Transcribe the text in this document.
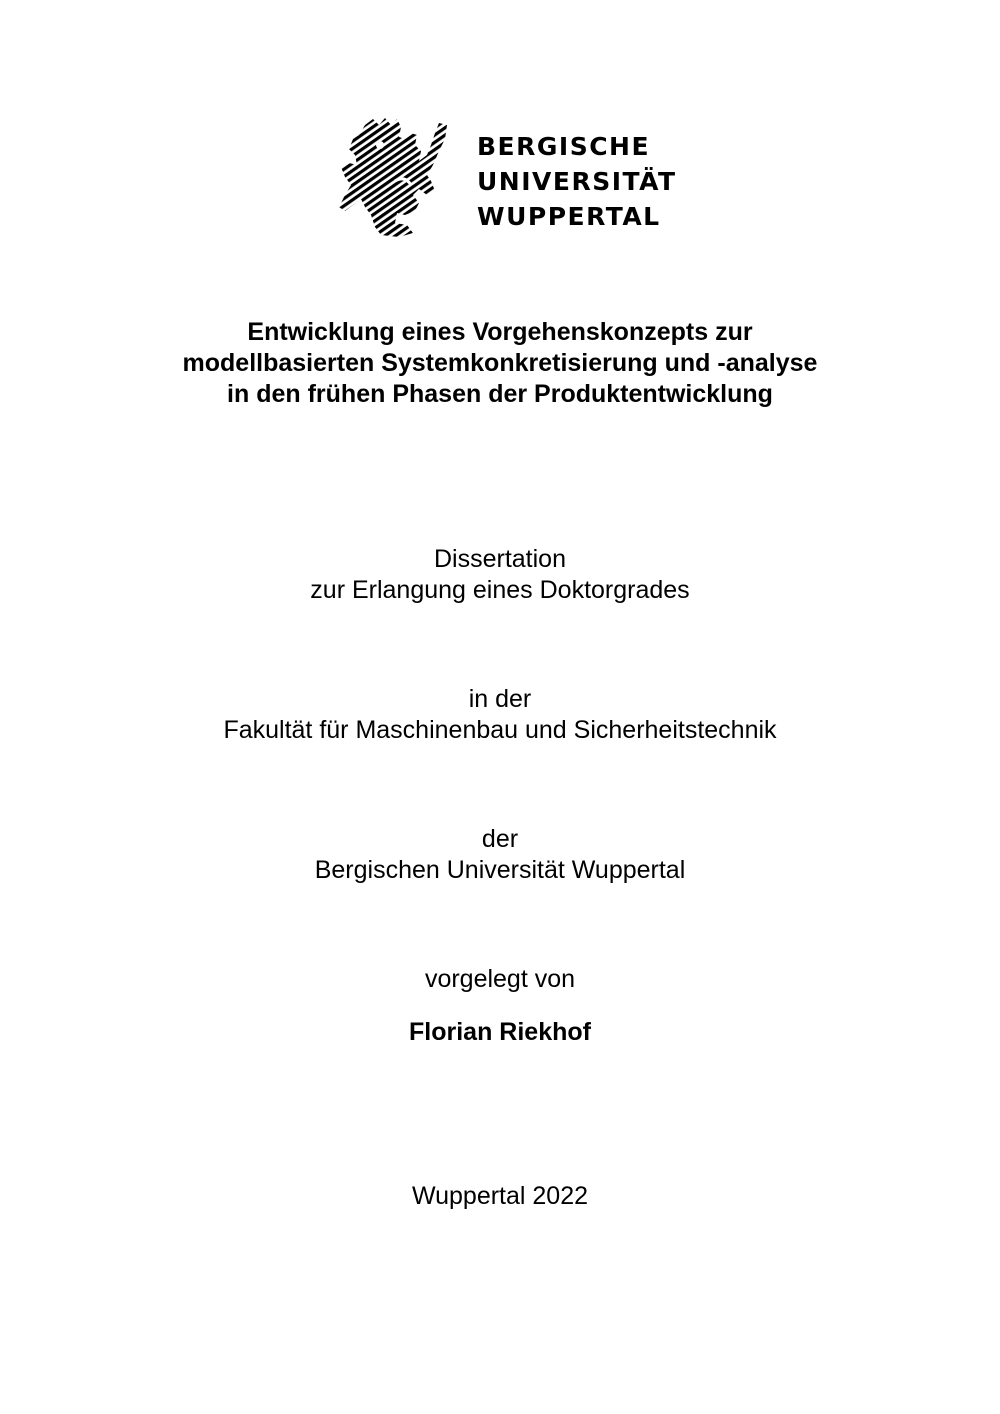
BERGISCHE
UNIVERSITÄT
WUPPERTAL
Entwicklung eines Vorgehenskonzepts zur
modellbasierten Systemkonkretisierung und -analyse
in den frühen Phasen der Produktentwicklung
Dissertation
zur Erlangung eines Doktorgrades
in der
Fakultät für Maschinenbau und Sicherheitstechnik
der
Bergischen Universität Wuppertal
vorgelegt von
Florian Riekhof
Wuppertal 2022
